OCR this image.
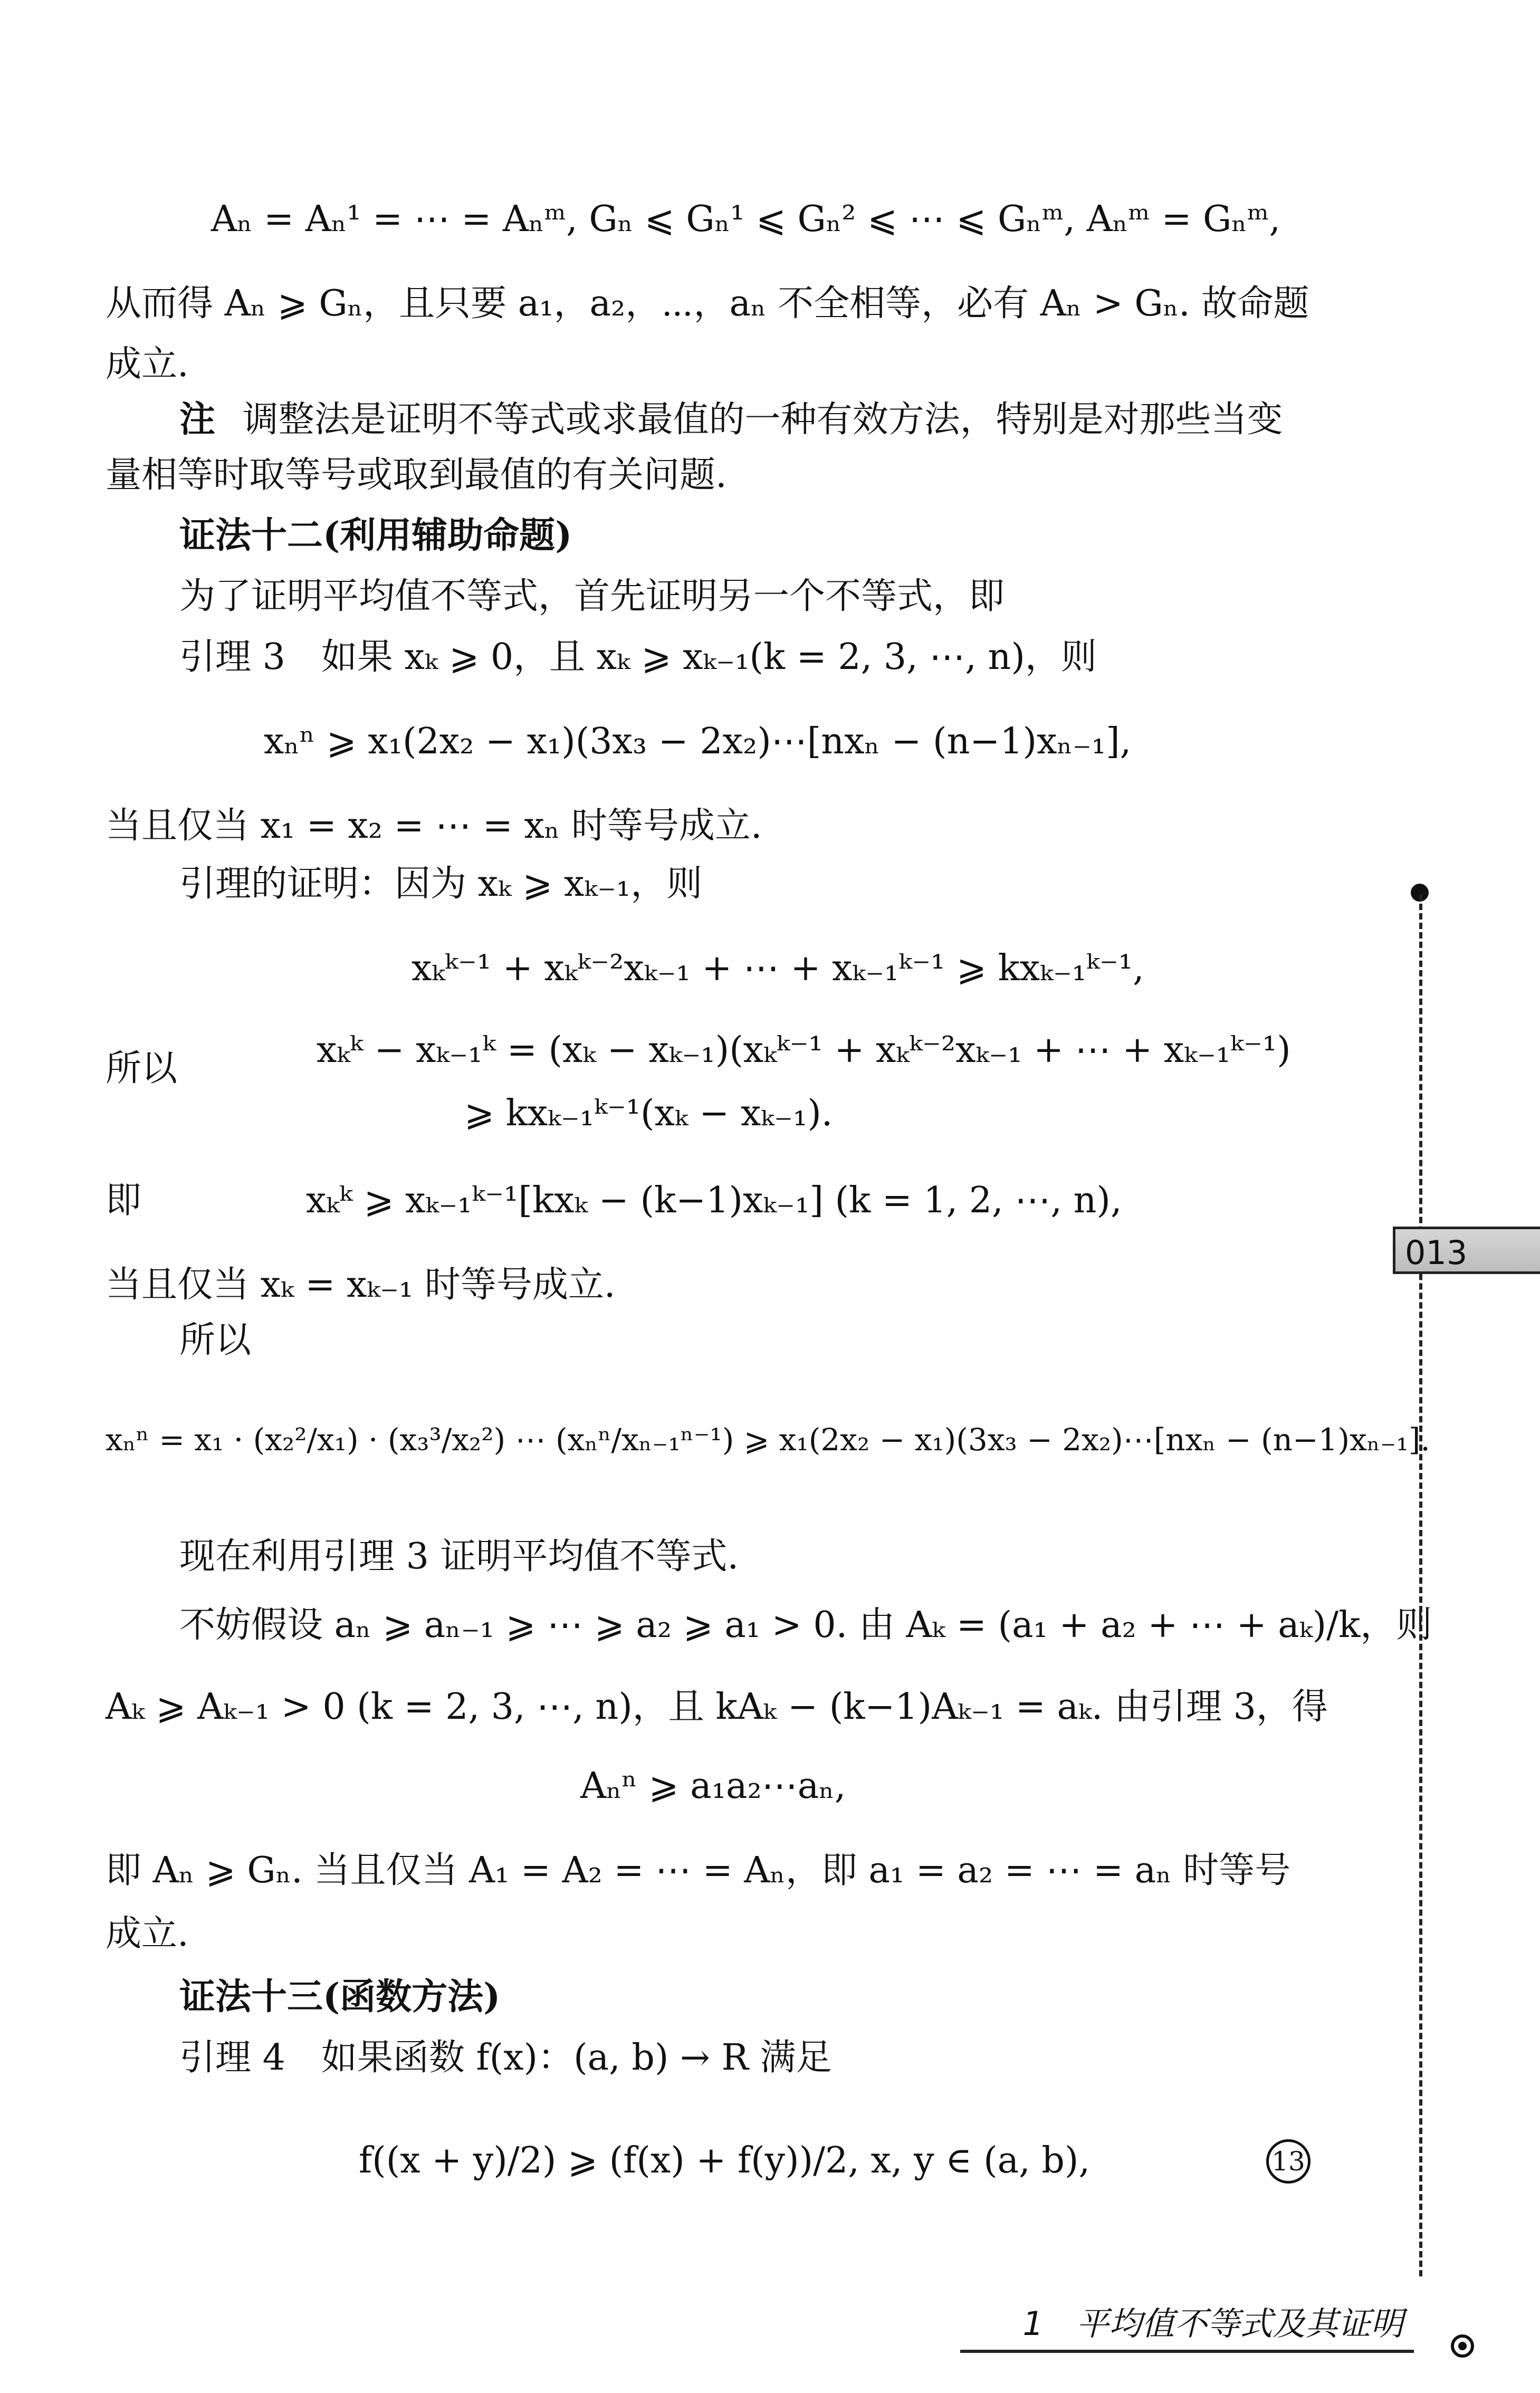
Aₙ = Aₙ¹ = ⋯ = Aₙᵐ, Gₙ ⩽ Gₙ¹ ⩽ Gₙ² ⩽ ⋯ ⩽ Gₙᵐ, Aₙᵐ = Gₙᵐ,
从而得 Aₙ ⩾ Gₙ，且只要 a₁，a₂，⋯，aₙ 不全相等，必有 Aₙ > Gₙ. 故命题
成立.
注 调整法是证明不等式或求最值的一种有效方法，特别是对那些当变
量相等时取等号或取到最值的有关问题.
证法十二(利用辅助命题)
为了证明平均值不等式，首先证明另一个不等式，即
引理 3　如果 xₖ ⩾ 0，且 xₖ ⩾ xₖ₋₁(k = 2, 3, ⋯, n)，则
xₙⁿ ⩾ x₁(2x₂ − x₁)(3x₃ − 2x₂)⋯[nxₙ − (n−1)xₙ₋₁],
当且仅当 x₁ = x₂ = ⋯ = xₙ 时等号成立.
引理的证明：因为 xₖ ⩾ xₖ₋₁，则
xₖᵏ⁻¹ + xₖᵏ⁻²xₖ₋₁ + ⋯ + xₖ₋₁ᵏ⁻¹ ⩾ kxₖ₋₁ᵏ⁻¹,
所以	xₖᵏ − xₖ₋₁ᵏ = (xₖ − xₖ₋₁)(xₖᵏ⁻¹ + xₖᵏ⁻²xₖ₋₁ + ⋯ + xₖ₋₁ᵏ⁻¹)
⩾ kxₖ₋₁ᵏ⁻¹(xₖ − xₖ₋₁).
即	xₖᵏ ⩾ xₖ₋₁ᵏ⁻¹[kxₖ − (k−1)xₖ₋₁] (k = 1, 2, ⋯, n),
当且仅当 xₖ = xₖ₋₁ 时等号成立.
所以
xₙⁿ = x₁ · (x₂²/x₁) · (x₃³/x₂²) ⋯ (xₙⁿ/xₙ₋₁ⁿ⁻¹) ⩾ x₁(2x₂ − x₁)(3x₃ − 2x₂)⋯[nxₙ − (n−1)xₙ₋₁].
现在利用引理 3 证明平均值不等式.
不妨假设 aₙ ⩾ aₙ₋₁ ⩾ ⋯ ⩾ a₂ ⩾ a₁ > 0. 由 Aₖ = (a₁ + a₂ + ⋯ + aₖ)/k，则
Aₖ ⩾ Aₖ₋₁ > 0 (k = 2, 3, ⋯, n)，且 kAₖ − (k−1)Aₖ₋₁ = aₖ. 由引理 3，得
Aₙⁿ ⩾ a₁a₂⋯aₙ,
即 Aₙ ⩾ Gₙ. 当且仅当 A₁ = A₂ = ⋯ = Aₙ，即 a₁ = a₂ = ⋯ = aₙ 时等号
成立.
证法十三(函数方法)
引理 4　如果函数 f(x)：(a, b) → R 满足
f((x + y)/2) ⩾ (f(x) + f(y))/2, x, y ∈ (a, b),	13
013
1　平均值不等式及其证明
